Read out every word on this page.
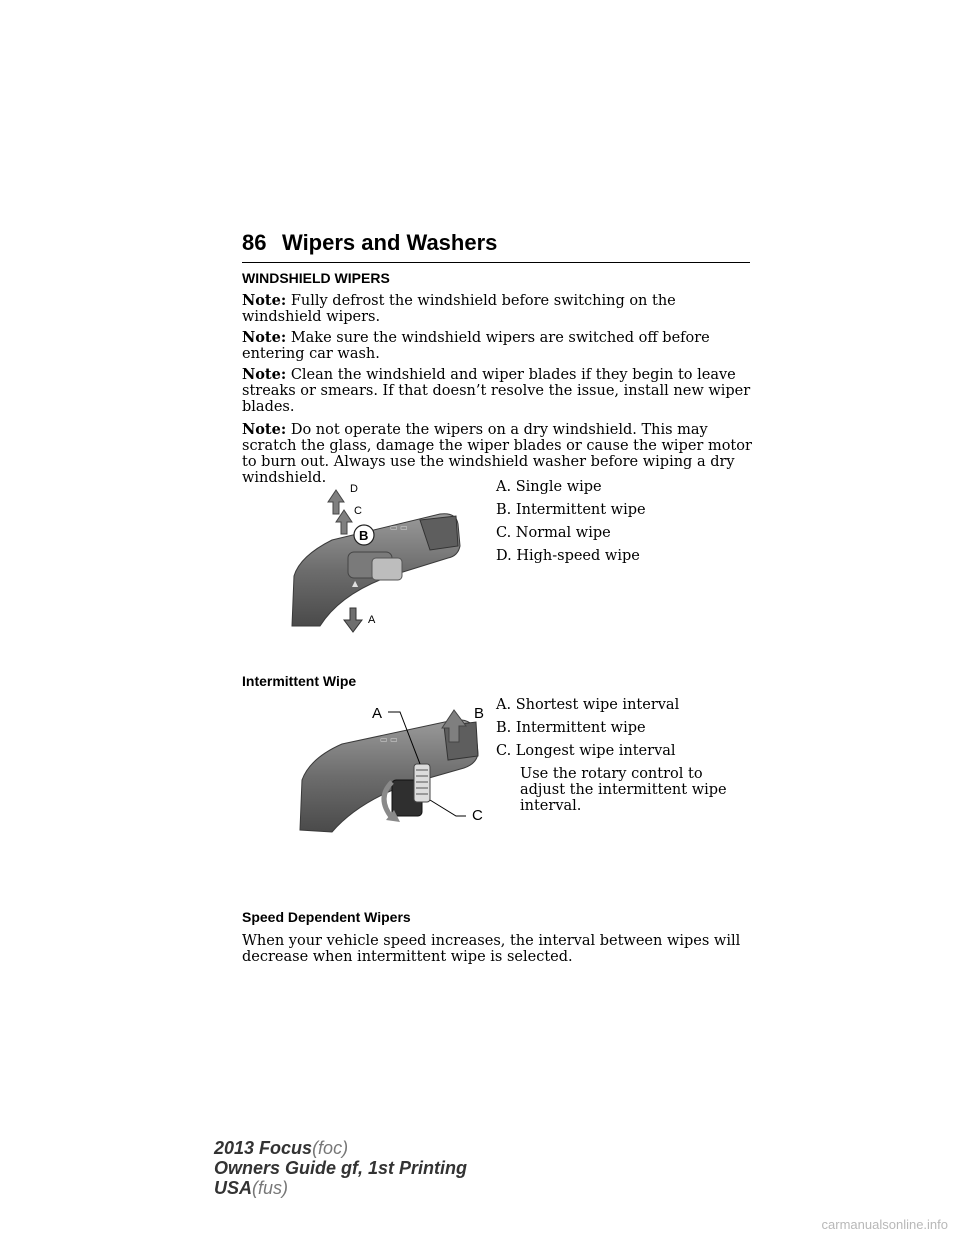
86 Wipers and Washers
WINDSHIELD WIPERS
Note: Fully defrost the windshield before switching on the windshield wipers.
Note: Make sure the windshield wipers are switched off before entering car wash.
Note: Clean the windshield and wiper blades if they begin to leave streaks or smears. If that doesn’t resolve the issue, install new wiper blades.
Note: Do not operate the wipers on a dry windshield. This may scratch the glass, damage the wiper blades or cause the wiper motor to burn out. Always use the windshield washer before wiping a dry windshield.
▭ ▭
▲
B
D
C
A
A. Single wipe
B. Intermittent wipe
C. Normal wipe
D. High-speed wipe
Intermittent Wipe
▭ ▭
A	B
C
A. Shortest wipe interval
B. Intermittent wipe
C. Longest wipe interval
Use the rotary control to adjust the intermittent wipe interval.
Speed Dependent Wipers
When your vehicle speed increases, the interval between wipes will decrease when intermittent wipe is selected.
2013 Focus(foc)
Owners Guide gf, 1st Printing
USA(fus)
carmanualsonline.info
